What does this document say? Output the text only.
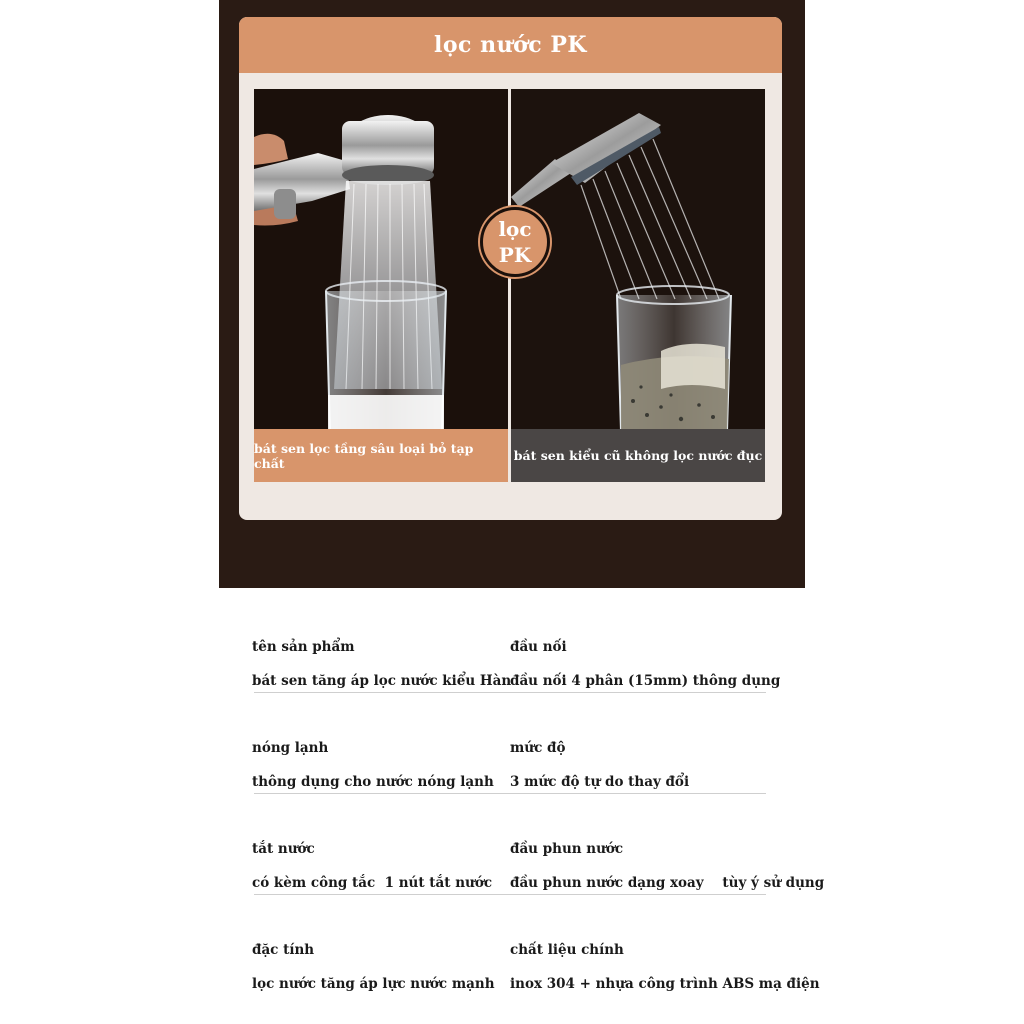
lọc nước PK
bát sen lọc tầng sâu loại bỏ tạp chất	bát sen kiểu cũ không lọc nước đục
lọc
PK
tên sản phẩm
bát sen tăng áp lọc nước kiểu Hàn
đầu nối
đầu nối 4 phân (15mm) thông dụng
nóng lạnh
thông dụng cho nước nóng lạnh
mức độ
3 mức độ tự do thay đổi
tắt nước
có kèm công tắc  1 nút tắt nước
đầu phun nước
đầu phun nước dạng xoay    tùy ý sử dụng
đặc tính
lọc nước tăng áp lực nước mạnh
chất liệu chính
inox 304 + nhựa công trình ABS mạ điện
